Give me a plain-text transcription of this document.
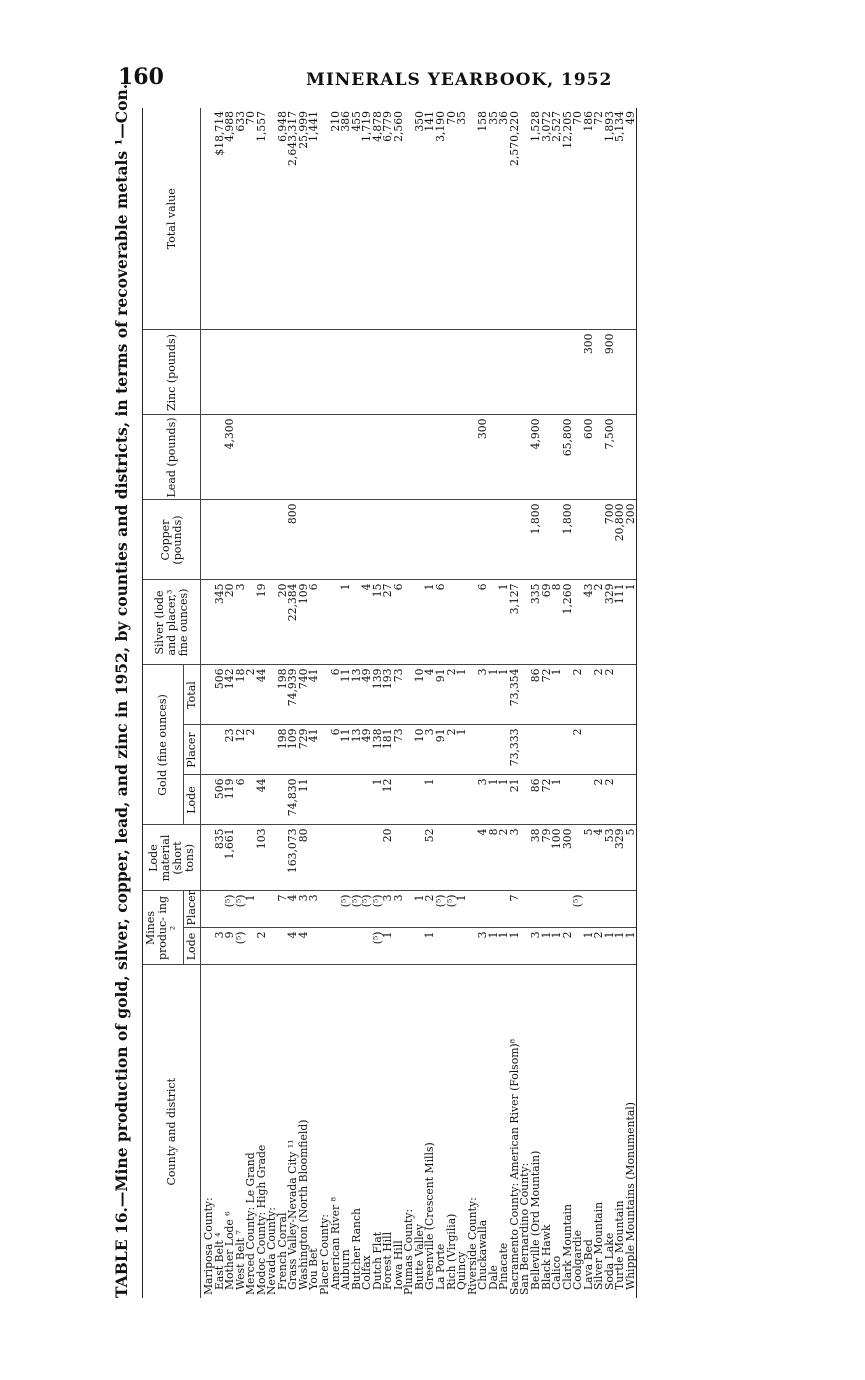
160	MINERALS YEARBOOK, 1952
TABLE 16.—Mine production of gold, silver, copper, lead, and zinc in 1952, by counties and districts, in terms of recoverable metals ¹—Con.	County and district	Mines produc- ing ²		Lode material (short tons)	Gold (fine ounces)			Silver (lode and placer,³ fine ounces)	Copper (pounds)	Lead (pounds)	Zinc (pounds)	Total value
	Lode	Placer		Lode	Placer	Total					
Mariposa County:											
East Belt ⁴	3		835	506		506	345				$18,714
Mother Lode ⁶	9	(⁵)	1,661	119	23	142	20		4,300		4,988
West Belt ⁷	(⁵)	(⁵)		6	12	18	3				633
Merced County: Le Grand		1			2	2					70
Modoc County: High Grade	2		103	44		44	19				1,557
Nevada County:											
French Corral		7			198	198	20				6,948
Grass Valley-Nevada City ¹¹	4	4	163,073	74,830	109	74,939	22,384	800			2,643,317
Washington (North Bloomfield)	4	3	80	11	729	740	109				25,999
You Bet		3			41	41	6				1,441
Placer County:											
American River ⁸					6	6					210
Auburn		(⁵)			11	11	1				386
Butcher Ranch		(⁵)			13	13					455
Colfax		(⁵)			49	49	4				1,719
Dutch Flat	(⁵)	(⁵)		1	138	139	15				4,878
Forest Hill	1	3	20	12	181	193	27				6,779
Iowa Hill		3			73	73	6				2,560
Plumas County:											
Butte Valley		1			10	10					350
Greenville (Crescent Mills)	1	2	52	1	3	4	1				141
La Porte		(⁵)			91	91	6				3,190
Rich (Virgilia)		(⁵)			2	2					70
Quincy		1			1	1					35
Riverside County:											
Chuckawalla	3		4	3		3	6		300		158
Dale	1		8	1		1					35
Pinacate	1		2	1		1	1				36
Sacramento County: American River (Folsom)⁸	1	7	3	21	73,333	73,354	3,127				2,570,220
San Bernardino County:											
Belleville (Ord Mountain)	3		38	86		86	335	1,800	4,900		1,528
Black Hawk	1		79	72		72	69				3,072
Calico	1		100	1		1	8				2,527
Clark Mountain	2		300				1,260	1,800	65,800		12,205
Coolgardie		(⁵)			2	2					70
Lava Bed	1		5				43		600	300	186
Silver Mountain	2		4	2		2	2				72
Soda Lake	1		53	2		2	329	700	7,500	900	1,893
Turtle Mountain	1		329				111	20,800			5,134
Whipple Mountains (Monumental)	1		5				1	200			49
